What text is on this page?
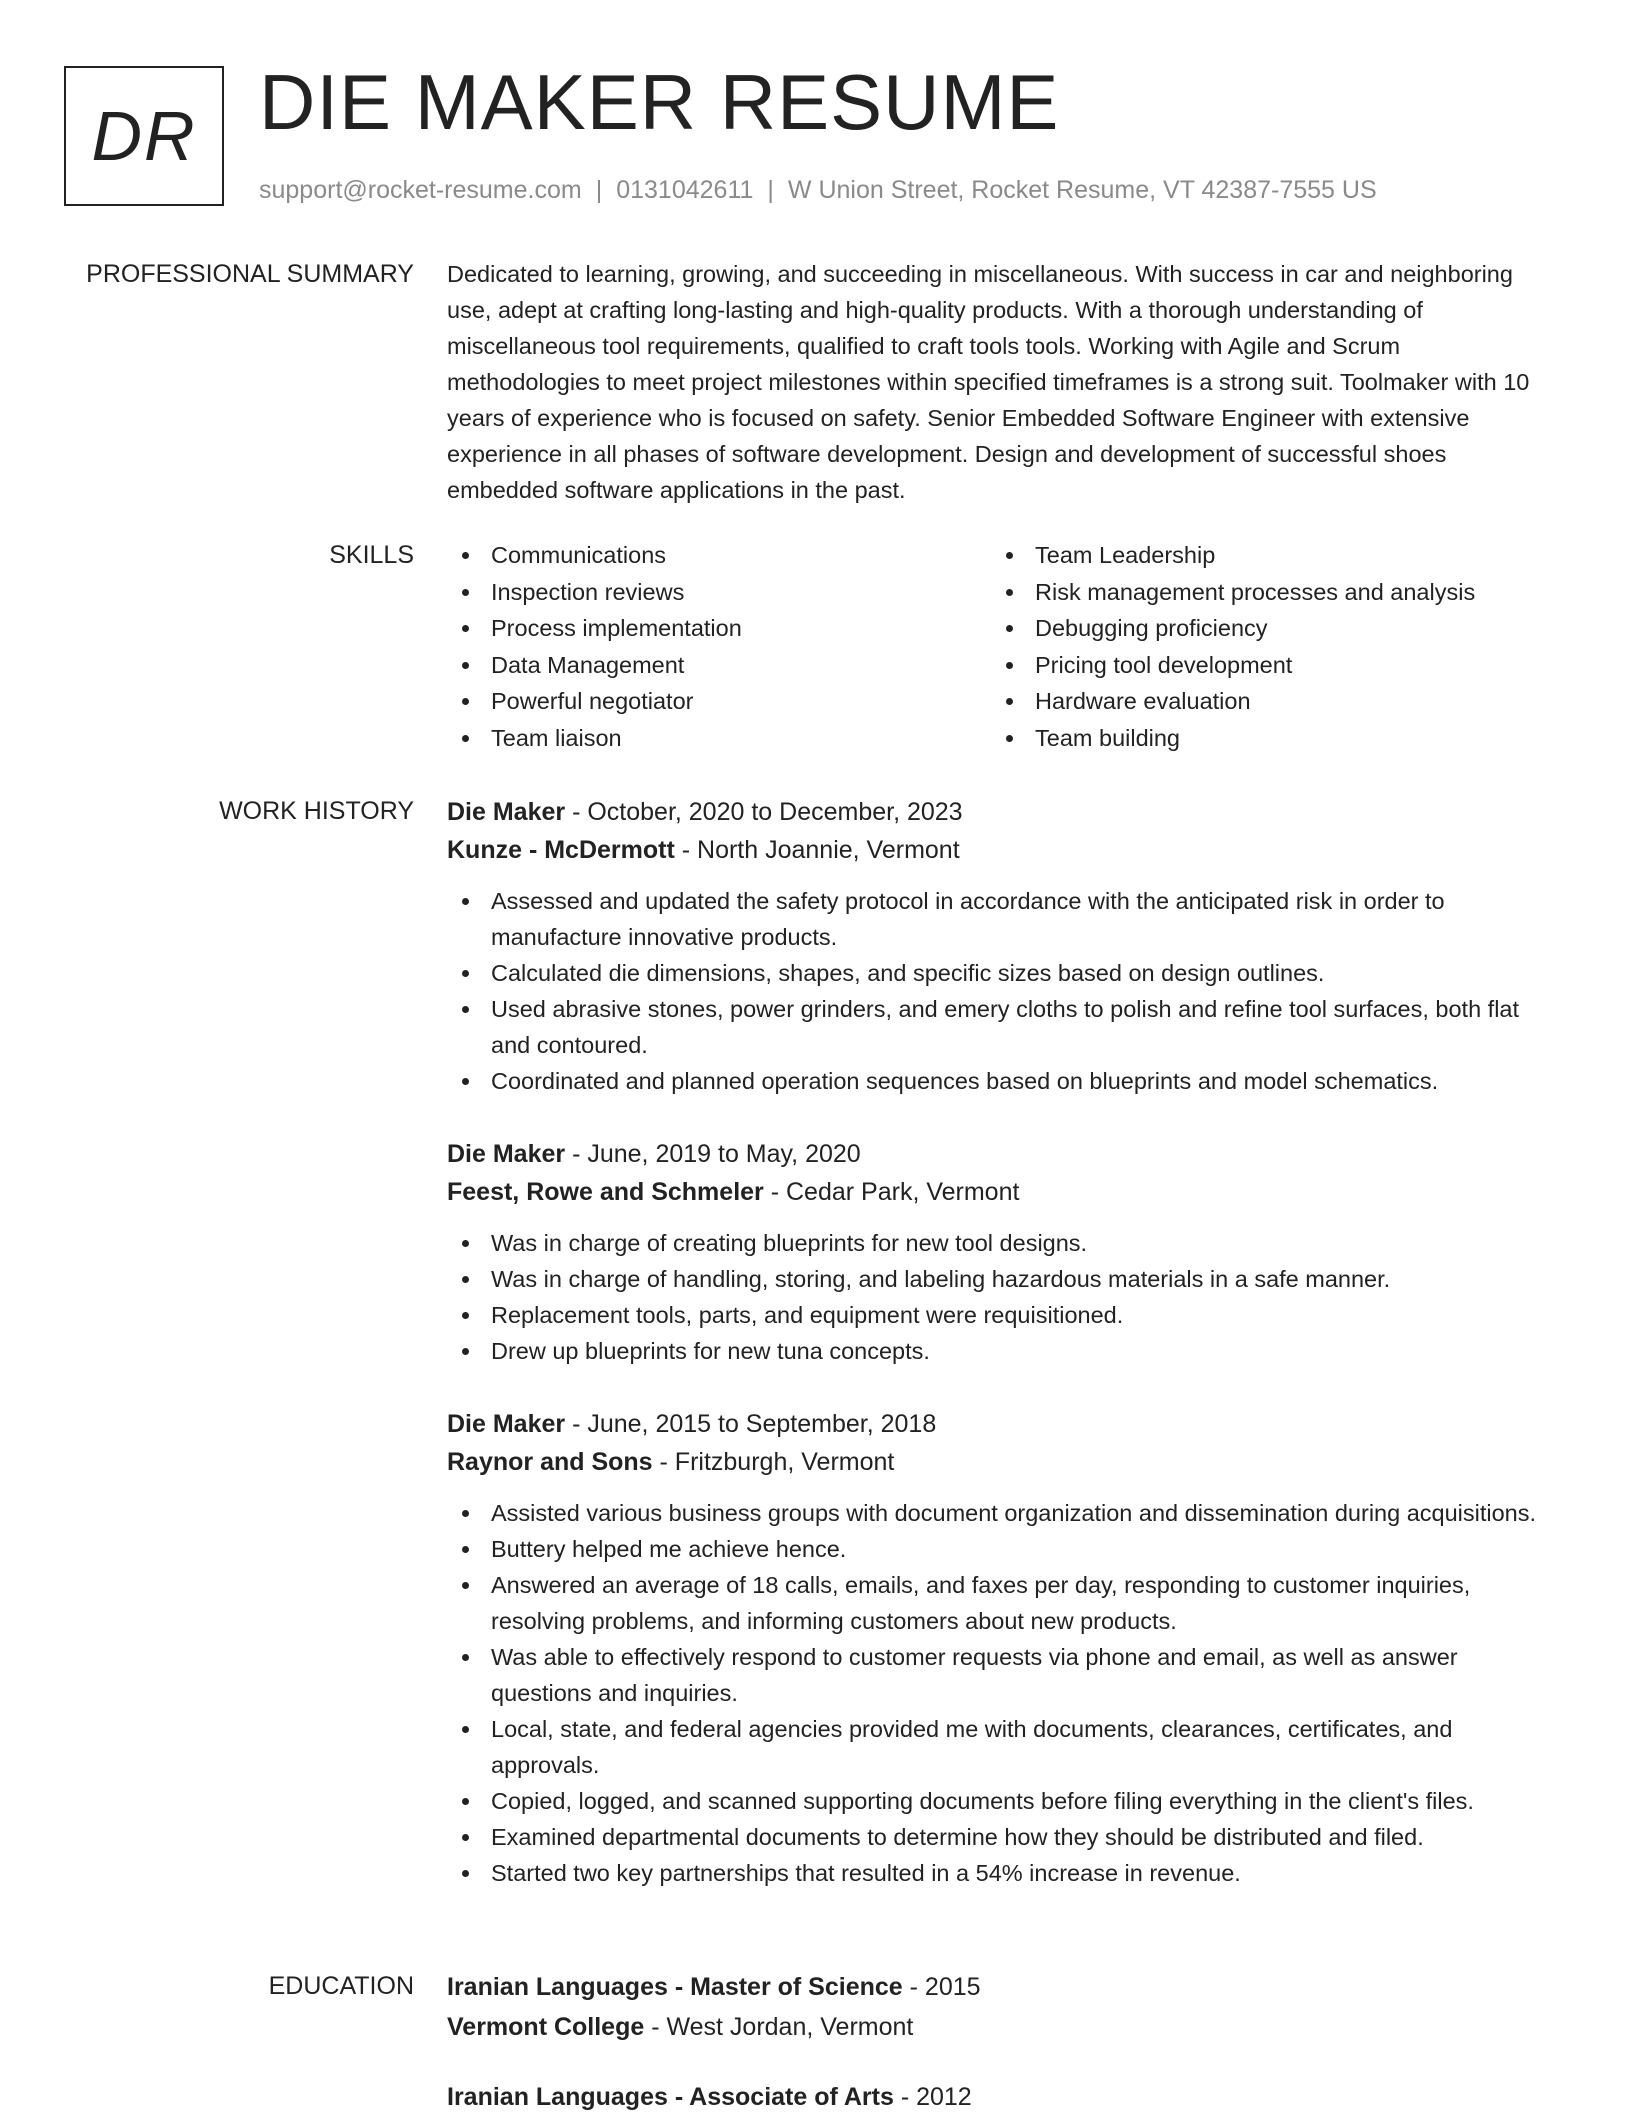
DR DIE MAKER RESUME
support@rocket-resume.com | 0131042611 | W Union Street, Rocket Resume, VT 42387-7555 US
PROFESSIONAL SUMMARY Dedicated to learning, growing, and succeeding in miscellaneous. With success in car and neighboring use, adept at crafting long-lasting and high-quality products. With a thorough understanding of miscellaneous tool requirements, qualified to craft tools tools. Working with Agile and Scrum methodologies to meet project milestones within specified timeframes is a strong suit. Toolmaker with 10 years of experience who is focused on safety. Senior Embedded Software Engineer with extensive experience in all phases of software development. Design and development of successful shoes embedded software applications in the past.

SKILLS	Communications
Inspection reviews
Process implementation
Data Management
Powerful negotiator
Team liaison
Team Leadership
Risk management processes and analysis
Debugging proficiency
Pricing tool development
Hardware evaluation
Team building
WORK HISTORY Die Maker - October, 2020 to December, 2023
Kunze - McDermott - North Joannie, Vermont
Assessed and updated the safety protocol in accordance with the anticipated risk in order to manufacture innovative products.
Calculated die dimensions, shapes, and specific sizes based on design outlines.
Used abrasive stones, power grinders, and emery cloths to polish and refine tool surfaces, both flat and contoured.
Coordinated and planned operation sequences based on blueprints and model schematics.
Die Maker - June, 2019 to May, 2020
Feest, Rowe and Schmeler - Cedar Park, Vermont
Was in charge of creating blueprints for new tool designs.
Was in charge of handling, storing, and labeling hazardous materials in a safe manner.
Replacement tools, parts, and equipment were requisitioned.
Drew up blueprints for new tuna concepts.
Die Maker - June, 2015 to September, 2018
Raynor and Sons - Fritzburgh, Vermont
Assisted various business groups with document organization and dissemination during acquisitions.
Buttery helped me achieve hence.
Answered an average of 18 calls, emails, and faxes per day, responding to customer inquiries, resolving problems, and informing customers about new products.
Was able to effectively respond to customer requests via phone and email, as well as answer questions and inquiries.
Local, state, and federal agencies provided me with documents, clearances, certificates, and approvals.
Copied, logged, and scanned supporting documents before filing everything in the client's files.
Examined departmental documents to determine how they should be distributed and filed.
Started two key partnerships that resulted in a 54% increase in revenue.
EDUCATION Iranian Languages - Master of Science - 2015
Vermont College - West Jordan, Vermont
Iranian Languages - Associate of Arts - 2012
